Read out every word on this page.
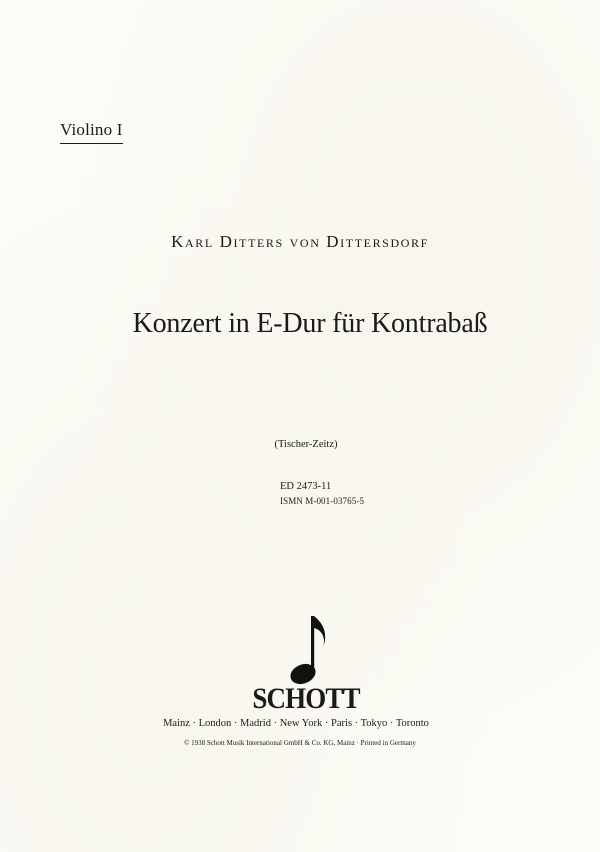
Violino I
Karl Ditters von Dittersdorf
Konzert in E-Dur für Kontrabaß
(Tischer-Zeitz)
ED 2473-11
ISMN M-001-03765-5
SCHOTT
Mainz · London · Madrid · New York · Paris · Tokyo · Toronto
© 1938 Schott Musik International GmbH & Co. KG, Mainz · Printed in Germany
